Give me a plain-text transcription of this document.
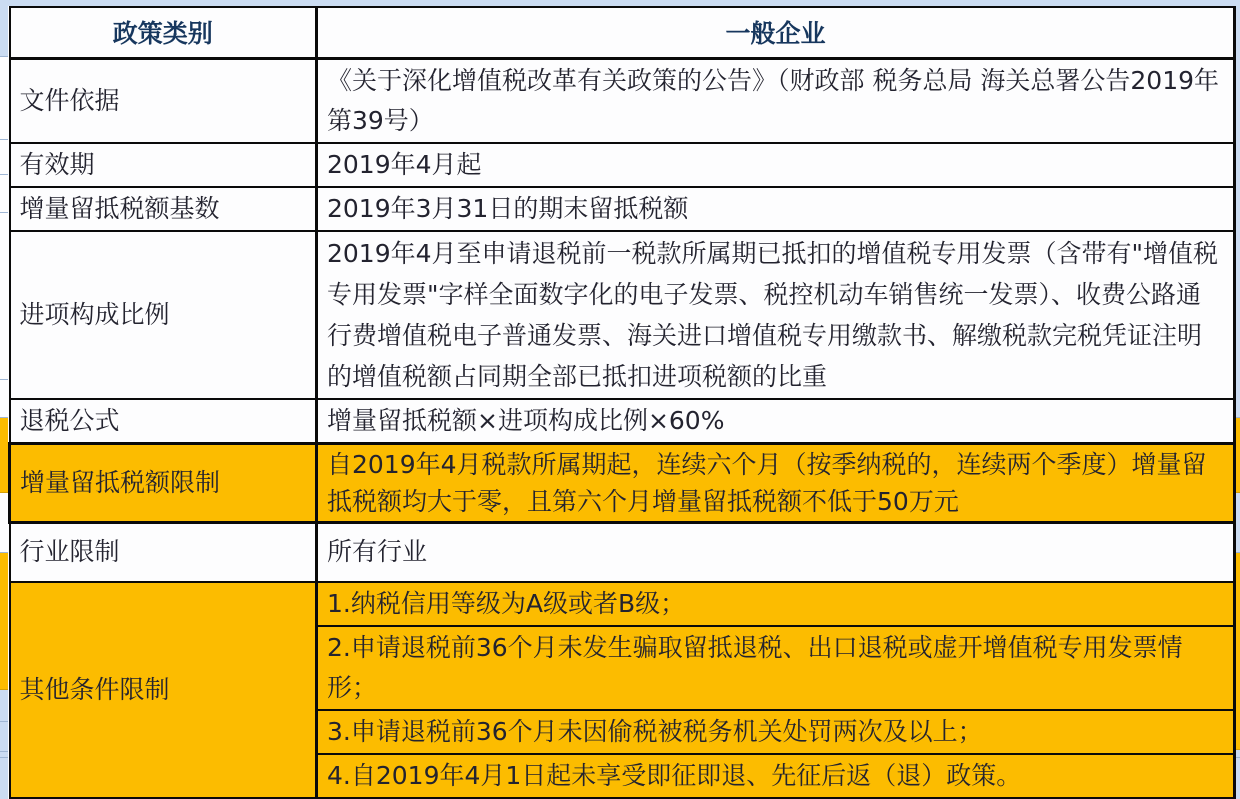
政策类别	一般企业
文件依据	《关于深化增值税改革有关政策的公告》（财政部 税务总局 海关总署公告2019年第39号）
有效期	2019年4月起
增量留抵税额基数	2019年3月31日的期末留抵税额
进项构成比例	2019年4月至申请退税前一税款所属期已抵扣的增值税专用发票（含带有"增值税专用发票"字样全面数字化的电子发票、税控机动车销售统一发票）、收费公路通行费增值税电子普通发票、海关进口增值税专用缴款书、解缴税款完税凭证注明的增值税额占同期全部已抵扣进项税额的比重
退税公式	增量留抵税额×进项构成比例×60%
增量留抵税额限制	自2019年4月税款所属期起，连续六个月（按季纳税的，连续两个季度）增量留抵税额均大于零，且第六个月增量留抵税额不低于50万元
行业限制	所有行业
其他条件限制	1.纳税信用等级为A级或者B级；
	2.申请退税前36个月未发生骗取留抵退税、出口退税或虚开增值税专用发票情形；
	3.申请退税前36个月未因偷税被税务机关处罚两次及以上；
	4.自2019年4月1日起未享受即征即退、先征后返（退）政策。
